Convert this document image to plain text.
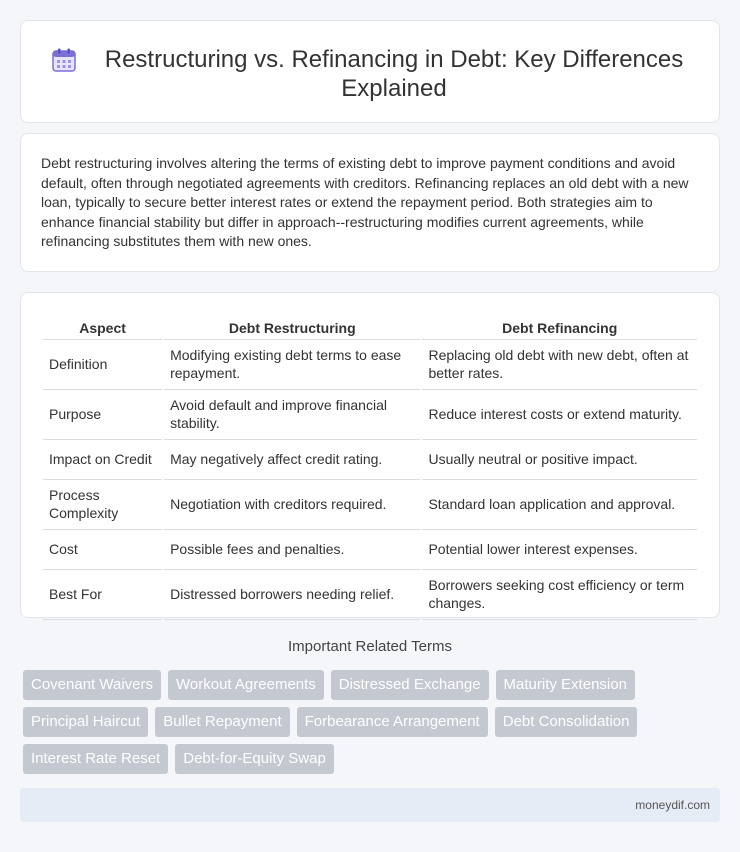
Restructuring vs. Refinancing in Debt: Key Differences Explained

Debt restructuring involves altering the terms of existing debt to improve payment conditions and avoid default, often through negotiated agreements with creditors. Refinancing replaces an old debt with a new loan, typically to secure better interest rates or extend the repayment period. Both strategies aim to enhance financial stability but differ in approach--restructuring modifies current agreements, while refinancing substitutes them with new ones.

Aspect	Debt Restructuring	Debt Refinancing
Definition	Modifying existing debt terms to ease repayment.	Replacing old debt with new debt, often at better rates.
Purpose	Avoid default and improve financial stability.	Reduce interest costs or extend maturity.
Impact on Credit	May negatively affect credit rating.	Usually neutral or positive impact.
Process Complexity	Negotiation with creditors required.	Standard loan application and approval.
Cost	Possible fees and penalties.	Potential lower interest expenses.
Best For	Distressed borrowers needing relief.	Borrowers seeking cost efficiency or term changes.
Important Related Terms
Covenant Waivers	Workout Agreements	Distressed Exchange	Maturity Extension
Principal Haircut	Bullet Repayment	Forbearance Arrangement	Debt Consolidation
Interest Rate Reset	Debt-for-Equity Swap
moneydif.com
